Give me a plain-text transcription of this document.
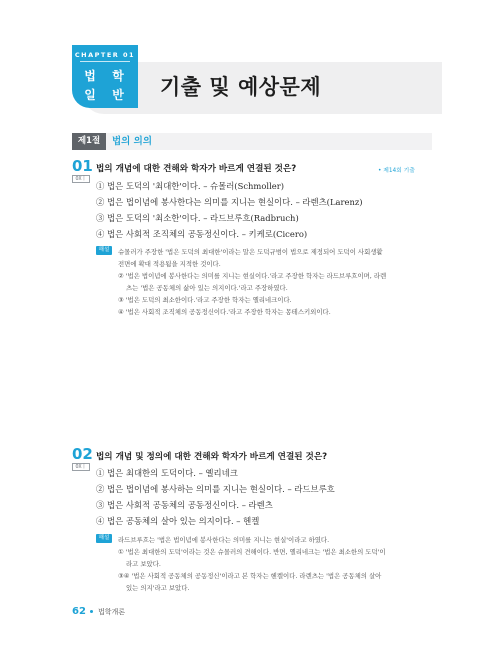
CHAPTER 01
법	학
일	반 기출 및 예상문제
제1절	법의 의의
01
OX丨
법의 개념에 대한 견해와 학자가 바르게 연결된 것은?	• 제14회 기출
① 법은 도덕의 '최대한'이다. – 슈몰러(Schmoller)
② 법은 법이념에 봉사한다는 의미를 지니는 현실이다. – 라렌츠(Larenz)
③ 법은 도덕의 '최소한'이다. – 라드브루흐(Radbruch)
④ 법은 사회적 조직체의 공동정신이다. – 키케로(Cicero)
해설	슈몰러가 주장한 '법은 도덕의 최대한'이라는 말은 도덕규범이 법으로 제정되어 도덕이 사회생활
전면에 확대 적용됨을 지적한 것이다.
② '법은 법이념에 봉사한다는 의미를 지니는 현실이다.'라고 주장한 학자는 라드브루흐이며, 라렌
츠는 '법은 공동체의 삶아 있는 의지이다.'라고 주장하였다.
③ '법은 도덕의 최소한이다.'라고 주장한 학자는 옐리네크이다.
④ '법은 사회적 조직체의 공동정신이다.'라고 주장한 학자는 몽테스키외이다.
02
OX丨
법의 개념 및 정의에 대한 견해와 학자가 바르게 연결된 것은?
① 법은 최대한의 도덕이다. – 옐리네크
② 법은 법이념에 봉사하는 의미를 지니는 현실이다. – 라드브루흐
③ 법은 사회적 공동체의 공동정신이다. – 라렌츠
④ 법은 공동체의 살아 있는 의지이다. – 헨켈
해설	라드브루흐는 '법은 법이념에 봉사한다는 의미를 지니는 현실'이라고 하였다.
① '법은 최대한의 도덕'이라는 것은 슈몰러의 견해이다. 반면, 옐리네크는 '법은 최소한의 도덕'이
라고 보았다.
③④ '법은 사회적 공동체의 공동정신'이라고 본 학자는 헨켈이다. 라렌츠는 '법은 공동체의 살아
있는 의지'라고 보았다.
62 법학개론
